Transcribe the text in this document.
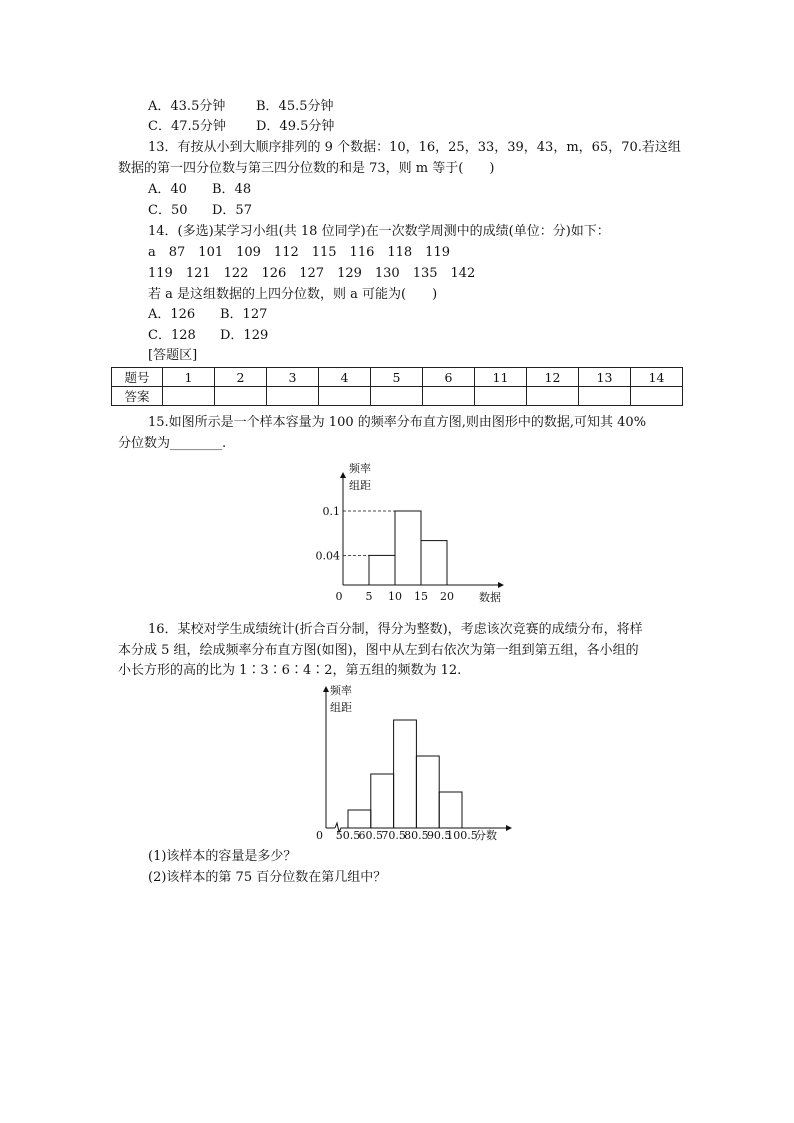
A．43.5分钟 B．45.5分钟
C．47.5分钟 D．49.5分钟
13．有按从小到大顺序排列的 9 个数据：10，16，25，33，39，43，m，65，70.若这组
数据的第一四分位数与第三四分位数的和是 73，则 m 等于(　　)
A．40 B．48
C．50 D．57
14．(多选)某学习小组(共 18 位同学)在一次数学周测中的成绩(单位：分)如下：
a　87　101　109　112　115　116　118　119
119　121　122　126　127　129　130　135　142
若 a 是这组数据的上四分位数，则 a 可能为(　　)
A．126 B．127
C．128 D．129
[答题区]
题号	1	2	3	4	5	6	11	12	13	14
答案										
15.如图所示是一个样本容量为 100 的频率分布直方图,则由图形中的数据,可知其 40%
分位数为________.
频率
组距
0.04
0.1
0 5 10 15 20 数据
16．某校对学生成绩统计(折合百分制，得分为整数)，考虑该次竞赛的成绩分布，将样
本分成 5 组，绘成频率分布直方图(如图)，图中从左到右依次为第一组到第五组，各小组的
小长方形的高的比为 1∶3∶6∶4∶2，第五组的频数为 12.
频率
组距
0 50.5
60.5
70.5
80.5
90.5
100.5
分数
(1)该样本的容量是多少？
(2)该样本的第 75 百分位数在第几组中？
